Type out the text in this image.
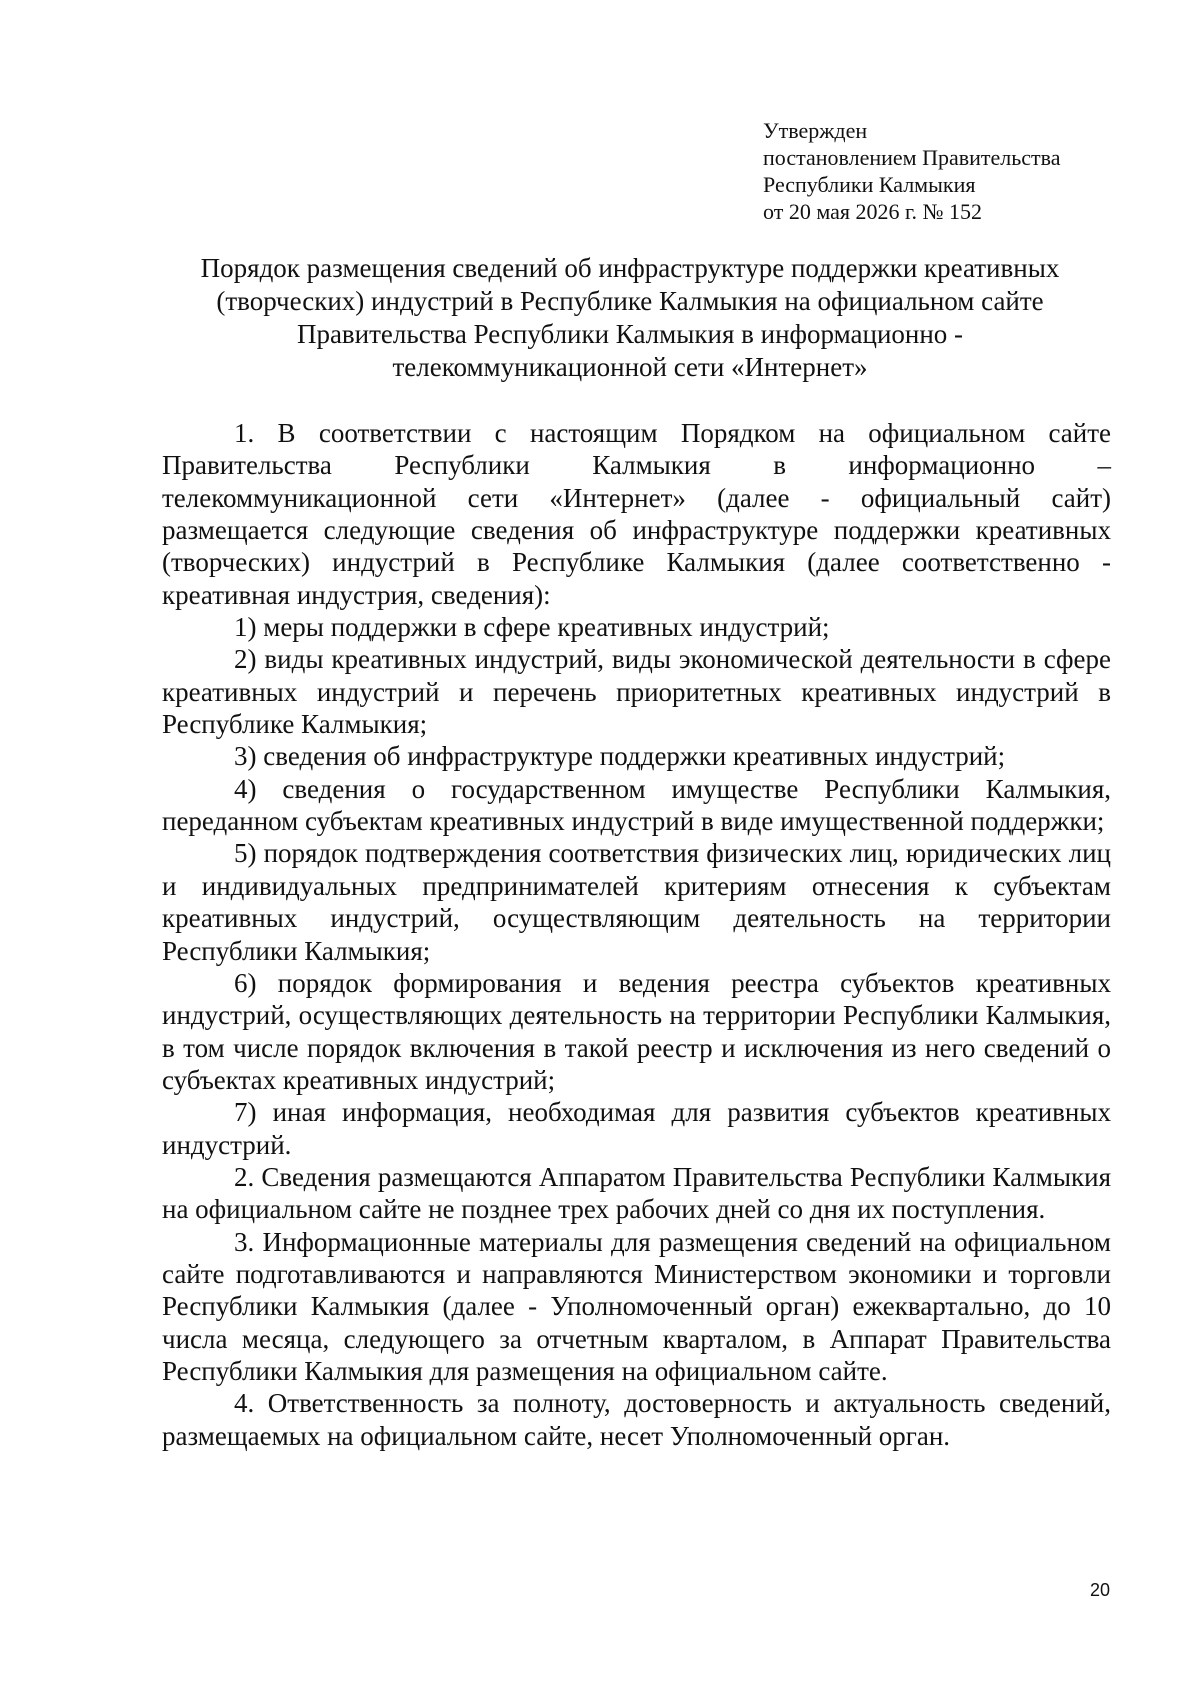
Утвержден
постановлением Правительства
Республики Калмыкия
от 20 мая 2026 г. № 152
Порядок размещения сведений об инфраструктуре поддержки креативных
(творческих) индустрий в Республике Калмыкия на официальном сайте
Правительства Республики Калмыкия в информационно -
телекоммуникационной сети «Интернет»

1. В соответствии с настоящим Порядком на официальном сайте Правительства Республики Калмыкия в информационно – телекоммуникационной сети «Интернет» (далее - официальный сайт) размещается следующие сведения об инфраструктуре поддержки креативных (творческих) индустрий в Республике Калмыкия (далее соответственно - креативная индустрия, сведения):

1) меры поддержки в сфере креативных индустрий;

2) виды креативных индустрий, виды экономической деятельности в сфере креативных индустрий и перечень приоритетных креативных индустрий в Республике Калмыкия;

3) сведения об инфраструктуре поддержки креативных индустрий;

4) сведения о государственном имуществе Республики Калмыкия, переданном субъектам креативных индустрий в виде имущественной поддержки;

5) порядок подтверждения соответствия физических лиц, юридических лиц и индивидуальных предпринимателей критериям отнесения к субъектам креативных индустрий, осуществляющим деятельность на территории Республики Калмыкия;

6) порядок формирования и ведения реестра субъектов креативных индустрий, осуществляющих деятельность на территории Республики Калмыкия, в том числе порядок включения в такой реестр и исключения из него сведений о субъектах креативных индустрий;

7) иная информация, необходимая для развития субъектов креативных индустрий.

2. Сведения размещаются Аппаратом Правительства Республики Калмыкия на официальном сайте не позднее трех рабочих дней со дня их поступления.

3. Информационные материалы для размещения сведений на официальном сайте подготавливаются и направляются Министерством экономики и торговли Республики Калмыкия (далее - Уполномоченный орган) ежеквартально, до 10 числа месяца, следующего за отчетным кварталом, в Аппарат Правительства Республики Калмыкия для размещения на официальном сайте.

4. Ответственность за полноту, достоверность и актуальность сведений, размещаемых на официальном сайте, несет Уполномоченный орган.

20
